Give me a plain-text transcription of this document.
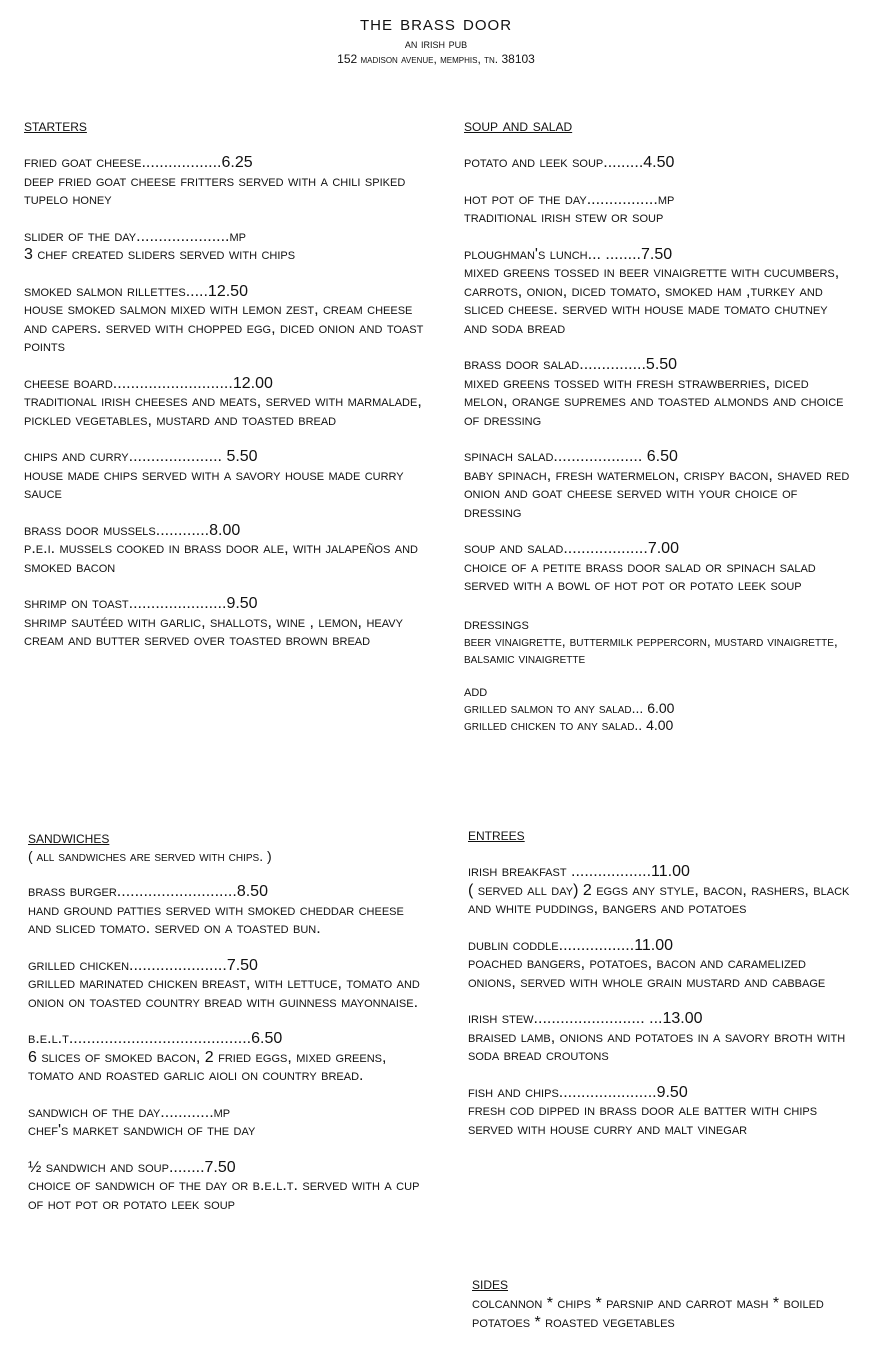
the brass door
an irish pub
152 madison avenue, memphis, tn. 38103
starters
fried goat cheese..................6.25
deep fried goat cheese fritters served with a chili spiked tupelo honey
slider of the day.....................mp
3 chef created sliders served with chips
smoked salmon rillettes.....12.50
house smoked salmon mixed with lemon zest, cream cheese and capers. served with chopped egg, diced onion and toast points
cheese board...........................12.00
traditional irish cheeses and meats, served with marmalade, pickled vegetables, mustard and toasted bread
chips and curry..................... 5.50
house made chips served with a savory house made curry sauce
brass door mussels............8.00
p.e.i. mussels cooked in brass door ale, with jalapeños and smoked bacon
shrimp on toast......................9.50
shrimp sautéed with garlic, shallots, wine , lemon, heavy cream and butter served over toasted brown bread
soup and salad
potato and leek soup.........4.50
hot pot of the day................mp
traditional irish stew or soup
ploughman's lunch... ........7.50
mixed greens tossed in beer vinaigrette with cucumbers, carrots, onion, diced tomato, smoked ham ,turkey and sliced cheese. served with house made tomato chutney and soda bread
brass door salad...............5.50
mixed greens tossed with fresh strawberries, diced melon, orange supremes and toasted almonds and choice of dressing
spinach salad.................... 6.50
baby spinach, fresh watermelon, crispy bacon, shaved red onion and goat cheese served with your choice of dressing
soup and salad...................7.00
choice of a petite brass door salad or spinach salad served with a bowl of hot pot or potato leek soup
dressings
beer vinaigrette, buttermilk peppercorn, mustard vinaigrette, balsamic vinaigrette
add
grilled salmon to any salad... 6.00
grilled chicken to any salad.. 4.00
sandwiches
( all sandwiches are served with chips. )
brass burger...........................8.50
hand ground patties served with smoked cheddar cheese and sliced tomato. served on a toasted bun.
grilled chicken......................7.50
grilled marinated chicken breast, with lettuce, tomato and onion on toasted country bread with guinness mayonnaise.
b.e.l.t.........................................6.50
6 slices of smoked bacon, 2 fried eggs, mixed greens, tomato and roasted garlic aioli on country bread.
sandwich of the day............mp
chef's market sandwich of the day
½ sandwich and soup........7.50
choice of sandwich of the day or b.e.l.t. served with a cup of hot pot or potato leek soup
entrees
irish breakfast ..................11.00
( served all day) 2 eggs any style, bacon, rashers, black and white puddings, bangers and potatoes
dublin coddle.................11.00
poached bangers, potatoes, bacon and caramelized onions, served with whole grain mustard and cabbage
irish stew......................... ...13.00
braised lamb, onions and potatoes in a savory broth with soda bread croutons
fish and chips......................9.50
fresh cod dipped in brass door ale batter with chips served with house curry and malt vinegar
sides
colcannon * chips * parsnip and carrot mash * boiled potatoes * roasted vegetables
